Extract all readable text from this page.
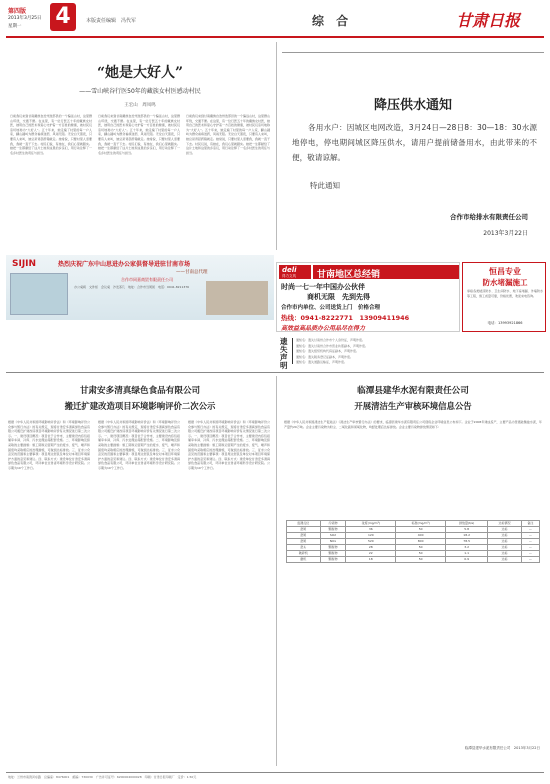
第四版
2013年3月25日
星期一 4	本版责任编辑　冯代军	综 合	甘肃日报
“她是大好人”
——雪山峡谷行医50年的藏族女村医感动村民
王宏山　周凤鸣
日前我们来到甘南藏族自治州迭部县的一个偏远山村，这里群山环绕，交通不便。在这里，有一位行医五十年的藏族女村医，她用自己的医术和爱心守护着一方百姓的健康，被村民们亲切地称为“大好人”。五十年来，她走遍了村里的每一户人家，翻山越岭为群众看病送药，风雨无阻。无论白天黑夜，只要有人来叫，她总是背起药箱就走。她常说，只要村里人需要我，我就一直干下去。村民们说，有她在，我们心里就踏实。她把一生都献给了这片土地和这里的乡亲们，用行动诠释了一名乡村医生的责任与担当。
日前我们来到甘南藏族自治州迭部县的一个偏远山村，这里群山环绕，交通不便。在这里，有一位行医五十年的藏族女村医，她用自己的医术和爱心守护着一方百姓的健康，被村民们亲切地称为“大好人”。五十年来，她走遍了村里的每一户人家，翻山越岭为群众看病送药，风雨无阻。无论白天黑夜，只要有人来叫，她总是背起药箱就走。她常说，只要村里人需要我，我就一直干下去。村民们说，有她在，我们心里就踏实。她把一生都献给了这片土地和这里的乡亲们，用行动诠释了一名乡村医生的责任与担当。
日前我们来到甘南藏族自治州迭部县的一个偏远山村，这里群山环绕，交通不便。在这里，有一位行医五十年的藏族女村医，她用自己的医术和爱心守护着一方百姓的健康，被村民们亲切地称为“大好人”。五十年来，她走遍了村里的每一户人家，翻山越岭为群众看病送药，风雨无阻。无论白天黑夜，只要有人来叫，她总是背起药箱就走。她常说，只要村里人需要我，我就一直干下去。村民们说，有她在，我们心里就踏实。她把一生都献给了这片土地和这里的乡亲们，用行动诠释了一名乡村医生的责任与担当。
降压供水通知
各用水户：因城区电网改造，3月24日—28日8：30—18：30水源地停电，停电期间城区降压供水，请用户提前储备用水，由此带来的不便，敬请谅解。
特此通知
合作市给排水有限责任公司
2013年3月22日
SIJIN	热烈庆祝广东中山思进办公家俱督导进驻甘南市场
——甘南总代理
合作市同嘉商贸有限责任公司
办公桌椅　文件柜　会议桌　沙发茶几　地址：合作市当周街　电话：0941-8211376
deli
得力文具 甘南地区总经销
时尚一七一年中国办公伙伴
商机无限　先到先得
合作市内单位、公司送货上门　价格合理
热线：0941-8222771　13909411946
高效益高品质办公用品尽在得力
恒昌专业
防水堵漏施工
承接各类楼顶防水、卫生间防水、地下室堵漏、外墙防水等工程，施工质量可靠，价格优惠，欢迎来电咨询。
电话：13993921866
遗失声明
通知名：遗失甘南州合作市个人身份证，声明作废。
通知名：遗失甘南州合作市营业执照副本，声明作废。
通知名：遗失组织机构代码证副本，声明作废。
通知名：遗失税务登记证副本，声明作废。
通知名：遗失道路运输证，声明作废。
甘肃安多清真绿色食品有限公司
搬迁扩建改造项目环境影响评价二次公示
根据《中华人民共和国环境影响评价法》和《环境影响评价公众参与暂行办法》的有关规定，现将甘肃安多清真绿色食品有限公司搬迁扩建改造项目环境影响评价有关情况进行第二次公示。一、建设项目概况：项目位于合作市，主要建设内容包括屠宰车间、冷库、污水处理站等配套设施。二、环境影响及拟采取的主要措施：施工期和运营期产生的废水、废气、噪声和固废均采取相应的治理措施，可做到达标排放。三、征求公众意见的范围和主要事项：项目周边居民及单位对本项目环境保护方面的意见和建议。四、联系方式：建设单位甘肃安多清真绿色食品有限公司，环评单位甘肃省环境科学设计研究院。公示期为10个工作日。
根据《中华人民共和国环境影响评价法》和《环境影响评价公众参与暂行办法》的有关规定，现将甘肃安多清真绿色食品有限公司搬迁扩建改造项目环境影响评价有关情况进行第二次公示。一、建设项目概况：项目位于合作市，主要建设内容包括屠宰车间、冷库、污水处理站等配套设施。二、环境影响及拟采取的主要措施：施工期和运营期产生的废水、废气、噪声和固废均采取相应的治理措施，可做到达标排放。三、征求公众意见的范围和主要事项：项目周边居民及单位对本项目环境保护方面的意见和建议。四、联系方式：建设单位甘肃安多清真绿色食品有限公司，环评单位甘肃省环境科学设计研究院。公示期为10个工作日。
根据《中华人民共和国环境影响评价法》和《环境影响评价公众参与暂行办法》的有关规定，现将甘肃安多清真绿色食品有限公司搬迁扩建改造项目环境影响评价有关情况进行第二次公示。一、建设项目概况：项目位于合作市，主要建设内容包括屠宰车间、冷库、污水处理站等配套设施。二、环境影响及拟采取的主要措施：施工期和运营期产生的废水、废气、噪声和固废均采取相应的治理措施，可做到达标排放。三、征求公众意见的范围和主要事项：项目周边居民及单位对本项目环境保护方面的意见和建议。四、联系方式：建设单位甘肃安多清真绿色食品有限公司，环评单位甘肃省环境科学设计研究院。公示期为10个工作日。
临潭县建华水泥有限责任公司
开展清洁生产审核环境信息公告
根据《中华人民共和国清洁生产促进法》《清洁生产审核暂行办法》的要求，临潭县建华水泥有限责任公司现将企业环境信息公布如下。企业于2008年建成投产，主要产品为普通硅酸盐水泥，年产量约20万吨。企业主要污染物为粉尘、二氧化硫和氮氧化物，均经处理后达标排放。企业主要污染物排放情况如下：
监测点位	污染物	浓度(mg/m³)	标准(mg/m³)	排放量(t/a)	达标情况	备注
窑尾	颗粒物	36	50	5.8	达标	—
窑尾	SO2	120	400	18.2	达标	—
窑尾	NOx	520	800	78.5	达标	—
窑头	颗粒物	28	50	3.2	达标	—
破碎机	颗粒物	22	50	1.1	达标	—
磨机	颗粒物	18	50	0.9	达标	—
临潭县建华水泥有限责任公司　2013年3月22日
地址：兰州市南滨河东路　总编室：8476001　邮编：730030　广告许可证号：6200004000028　印刷：甘肃日报印刷厂　定价：1.50元
